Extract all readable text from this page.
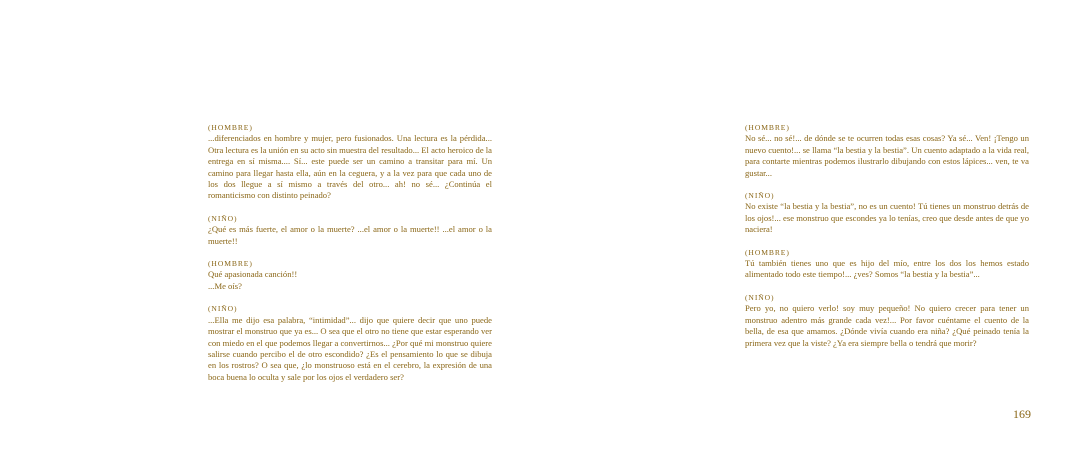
(HOMBRE)
...diferenciados en hombre y mujer, pero fusionados. Una lectura es la pérdida... Otra lectura es la unión en su acto sin muestra del resultado... El acto heroico de la entrega en sí misma.... Sí... este puede ser un camino a transitar para mí. Un camino para llegar hasta ella, aún en la ceguera, y a la vez para que cada uno de los dos llegue a sí mismo a través del otro... ah! no sé... ¿Continúa el romanticismo con distinto peinado?
(NIÑO)
¿Qué es más fuerte, el amor o la muerte? ...el amor o la muerte!! ...el amor o la muerte!!
(HOMBRE)
Qué apasionada canción!!
...Me oís?
(NIÑO)
...Ella me dijo esa palabra, “intimidad”... dijo que quiere decir que uno puede mostrar el monstruo que ya es... O sea que el otro no tiene que estar esperando ver con miedo en el que podemos llegar a convertirnos... ¿Por qué mi monstruo quiere salirse cuando percibo el de otro escondido? ¿Es el pensamiento lo que se dibuja en los rostros? O sea que, ¿lo monstruoso está en el cerebro, la expresión de una boca buena lo oculta y sale por los ojos el verdadero ser?
(HOMBRE)
No sé... no sé!... de dónde se te ocurren todas esas cosas? Ya sé... Ven! ¡Tengo un nuevo cuento!... se llama “la bestia y la bestia”. Un cuento adaptado a la vida real, para contarte mientras podemos ilustrarlo dibujando con estos lápices... ven, te va gustar...
(NIÑO)
No existe “la bestia y la bestia”, no es un cuento! Tú tienes un monstruo detrás de los ojos!... ese monstruo que escondes ya lo tenías, creo que desde antes de que yo naciera!
(HOMBRE)
Tú también tienes uno que es hijo del mío, entre los dos los hemos estado alimentado todo este tiempo!... ¿ves? Somos “la bestia y la bestia”...
(NIÑO)
Pero yo, no quiero verlo! soy muy pequeño! No quiero crecer para tener un monstruo adentro más grande cada vez!... Por favor cuéntame el cuento de la bella, de esa que amamos. ¿Dónde vivía cuando era niña? ¿Qué peinado tenía la primera vez que la viste? ¿Ya era siempre bella o tendrá que morir?
169
